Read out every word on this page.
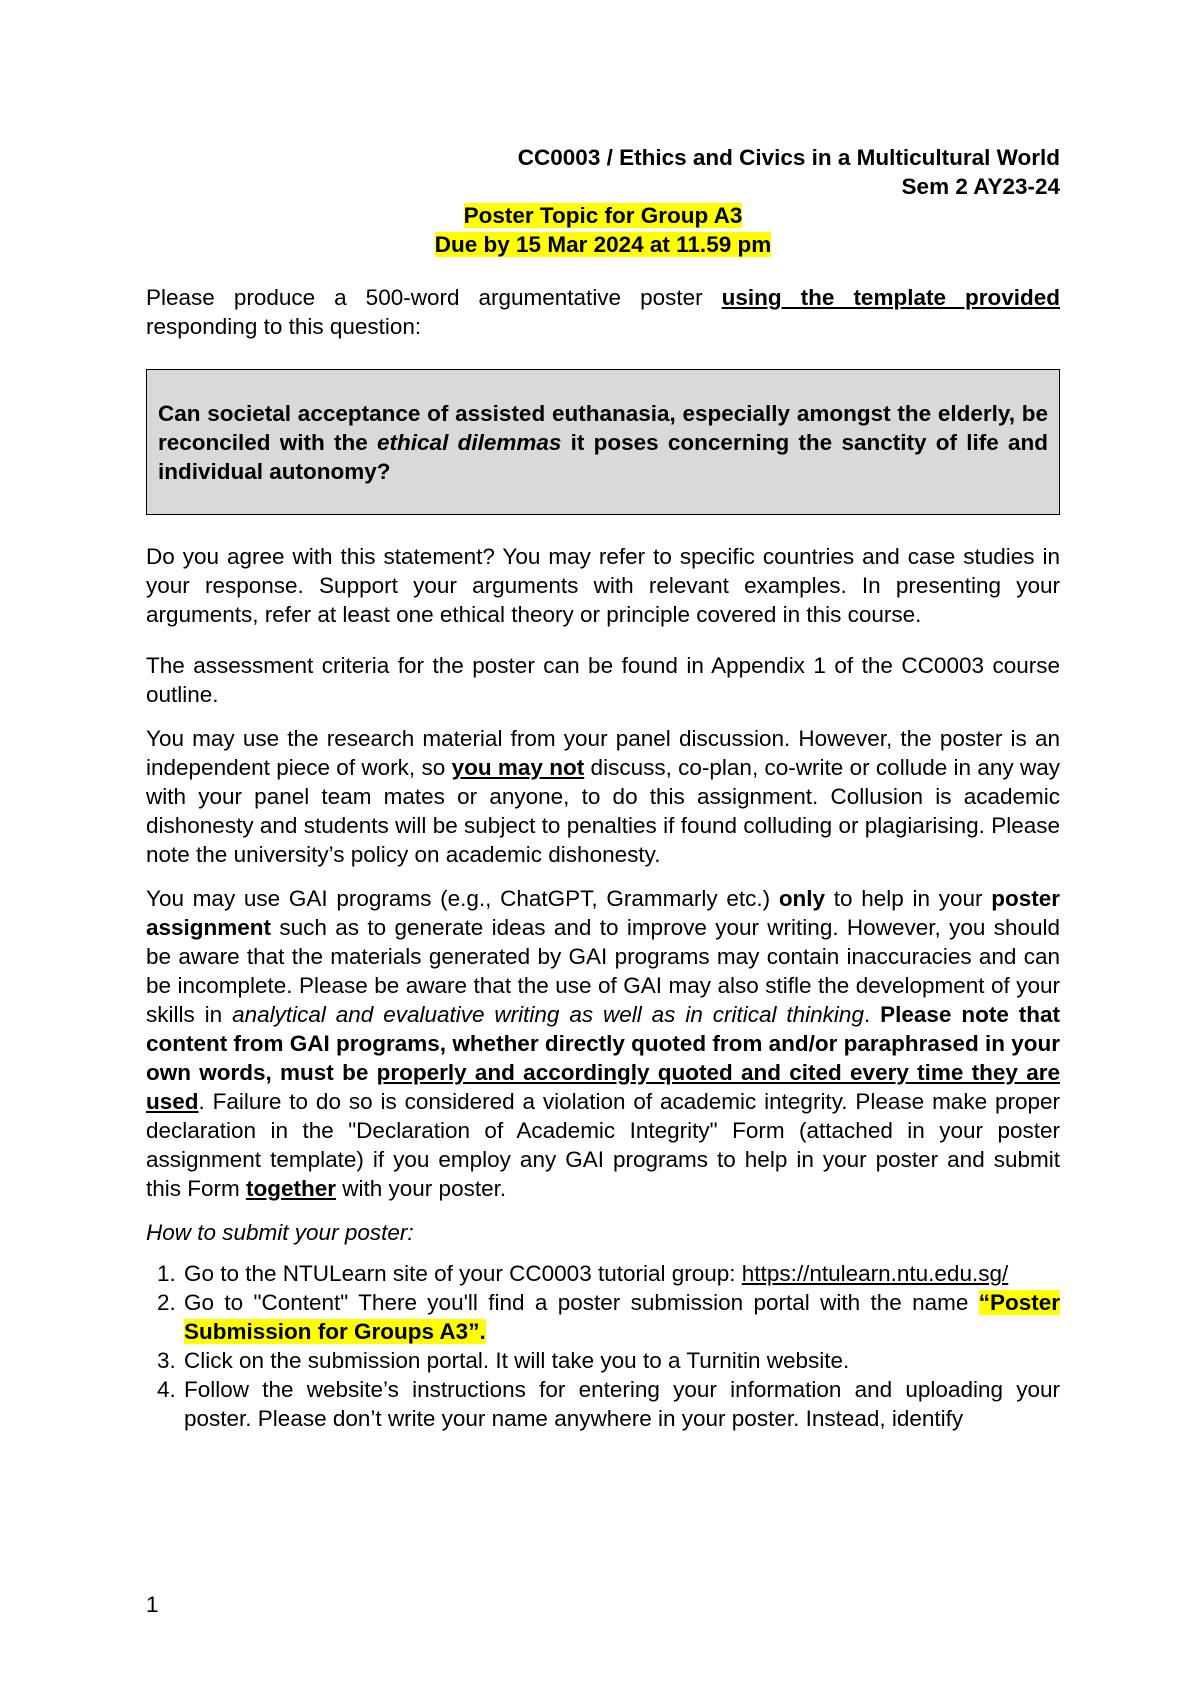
CC0003 / Ethics and Civics in a Multicultural World

Sem 2 AY23-24

Poster Topic for Group A3

Due by 15 Mar 2024 at 11.59 pm

Please produce a 500-word argumentative poster using the template provided responding to this question:

Can societal acceptance of assisted euthanasia, especially amongst the elderly, be reconciled with the ethical dilemmas it poses concerning the sanctity of life and individual autonomy?

Do you agree with this statement? You may refer to specific countries and case studies in your response. Support your arguments with relevant examples. In presenting your arguments, refer at least one ethical theory or principle covered in this course.

The assessment criteria for the poster can be found in Appendix 1 of the CC0003 course outline.

You may use the research material from your panel discussion. However, the poster is an independent piece of work, so you may not discuss, co-plan, co-write or collude in any way with your panel team mates or anyone, to do this assignment. Collusion is academic dishonesty and students will be subject to penalties if found colluding or plagiarising. Please note the university’s policy on academic dishonesty.

You may use GAI programs (e.g., ChatGPT, Grammarly etc.) only to help in your poster assignment such as to generate ideas and to improve your writing. However, you should be aware that the materials generated by GAI programs may contain inaccuracies and can be incomplete. Please be aware that the use of GAI may also stifle the development of your skills in analytical and evaluative writing as well as in critical thinking. Please note that content from GAI programs, whether directly quoted from and/or paraphrased in your own words, must be properly and accordingly quoted and cited every time they are used. Failure to do so is considered a violation of academic integrity. Please make proper declaration in the "Declaration of Academic Integrity" Form (attached in your poster assignment template) if you employ any GAI programs to help in your poster and submit this Form together with your poster.

How to submit your poster:

1. Go to the NTULearn site of your CC0003 tutorial group: https://ntulearn.ntu.edu.sg/
2. Go to "Content" There you'll find a poster submission portal with the name “Poster Submission for Groups A3”.
3. Click on the submission portal. It will take you to a Turnitin website.
4. Follow the website’s instructions for entering your information and uploading your poster. Please don’t write your name anywhere in your poster. Instead, identify
1
